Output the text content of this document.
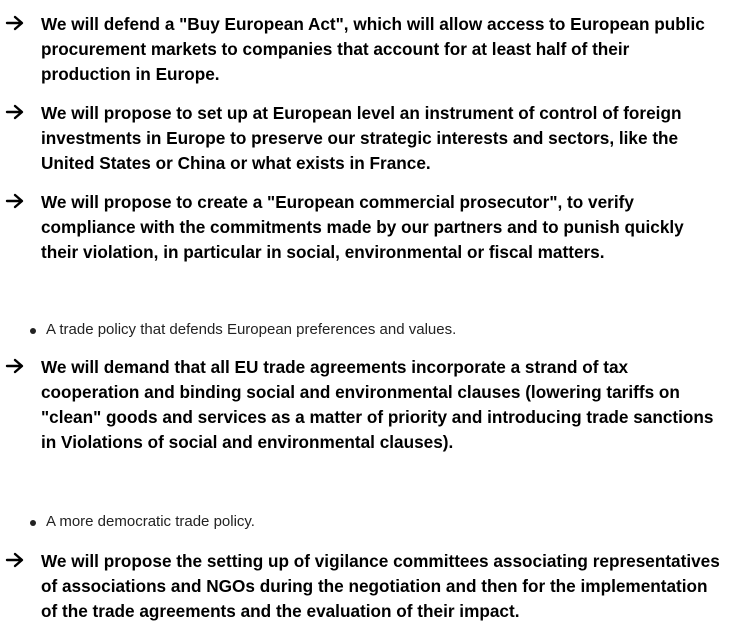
We will defend a "Buy European Act", which will allow access to European public procurement markets to companies that account for at least half of their production in Europe.

We will propose to set up at European level an instrument of control of foreign investments in Europe to preserve our strategic interests and sectors, like the United States or China or what exists in France.

We will propose to create a "European commercial prosecutor", to verify compliance with the commitments made by our partners and to punish quickly their violation, in particular in social, environmental or fiscal matters.

A trade policy that defends European preferences and values.

We will demand that all EU trade agreements incorporate a strand of tax cooperation and binding social and environmental clauses (lowering tariffs on "clean" goods and services as a matter of priority and introducing trade sanctions in Violations of social and environmental clauses).

A more democratic trade policy.

We will propose the setting up of vigilance committees associating representatives of associations and NGOs during the negotiation and then for the implementation of the trade agreements and the evaluation of their impact.
